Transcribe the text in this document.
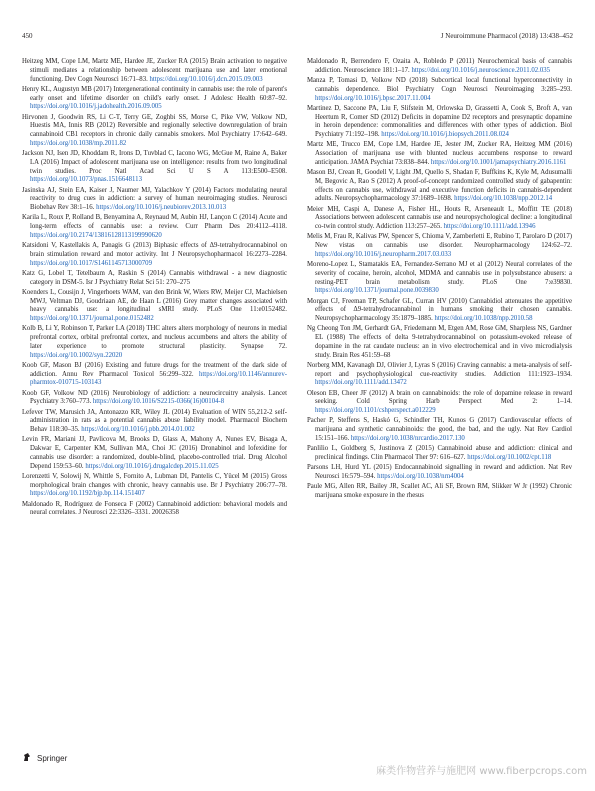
450	J Neuroimmune Pharmacol (2018) 13:438–452

Heitzeg MM, Cope LM, Martz ME, Hardee JE, Zucker RA (2015) Brain activation to negative stimuli mediates a relationship between adolescent marijuana use and later emotional functioning. Dev Cogn Neurosci 16:71–83. https://doi.org/10.1016/j.dcn.2015.09.003

Henry KL, Augustyn MB (2017) Intergenerational continuity in cannabis use: the role of parent's early onset and lifetime disorder on child's early onset. J Adolesc Health 60:87–92. https://doi.org/10.1016/j.jadohealth.2016.09.005

Hirvonen J, Goodwin RS, Li C-T, Terry GE, Zoghbi SS, Morse C, Pike VW, Volkow ND, Huestis MA, Innis RB (2012) Reversible and regionally selective downregulation of brain cannabinoid CB1 receptors in chronic daily cannabis smokers. Mol Psychiatry 17:642–649. https://doi.org/10.1038/mp.2011.82

Jackson NJ, Isen JD, Khoddam R, Irons D, Tuvblad C, Iacono WG, McGue M, Raine A, Baker LA (2016) Impact of adolescent marijuana use on intelligence: results from two longitudinal twin studies. Proc Natl Acad Sci U S A 113:E500–E508. https://doi.org/10.1073/pnas.1516648113

Jasinska AJ, Stein EA, Kaiser J, Naumer MJ, Yalachkov Y (2014) Factors modulating neural reactivity to drug cues in addiction: a survey of human neuroimaging studies. Neurosci Biobehav Rev 38:1–16. https://doi.org/10.1016/j.neubiorev.2013.10.013

Karila L, Roux P, Rolland B, Benyamina A, Reynaud M, Aubin HJ, Lançon C (2014) Acute and long-term effects of cannabis use: a review. Curr Pharm Des 20:4112–4118. https://doi.org/10.2174/13816128113199990620

Katsidoni V, Kastellakis A, Panagis G (2013) Biphasic effects of Δ9-tetrahydrocannabinol on brain stimulation reward and motor activity. Int J Neuropsychopharmacol 16:2273–2284. https://doi.org/10.1017/S1461145713000709

Katz G, Lobel T, Tetelbaum A, Raskin S (2014) Cannabis withdrawal - a new diagnostic category in DSM-5. Isr J Psychiatry Relat Sci 51: 270–275

Koenders L, Cousijn J, Vingerhoets WAM, van den Brink W, Wiers RW, Meijer CJ, Machielsen MWJ, Veltman DJ, Goudriaan AE, de Haan L (2016) Grey matter changes associated with heavy cannabis use: a longitudinal sMRI study. PLoS One 11:e0152482. https://doi.org/10.1371/journal.pone.0152482

Kolb B, Li Y, Robinson T, Parker LA (2018) THC alters alters morphology of neurons in medial prefrontal cortex, orbital prefrontal cortex, and nucleus accumbens and alters the ability of later experience to promote structural plasticity. Synapse 72. https://doi.org/10.1002/syn.22020

Koob GF, Mason BJ (2016) Existing and future drugs for the treatment of the dark side of addiction. Annu Rev Pharmacol Toxicol 56:299–322. https://doi.org/10.1146/annurev-pharmtox-010715-103143

Koob GF, Volkow ND (2016) Neurobiology of addiction: a neurocircuitry analysis. Lancet Psychiatry 3:760–773. https://doi.org/10.1016/S2215-0366(16)00104-8

Lefever TW, Marusich JA, Antonazzo KR, Wiley JL (2014) Evaluation of WIN 55,212-2 self-administration in rats as a potential cannabis abuse liability model. Pharmacol Biochem Behav 118:30–35. https://doi.org/10.1016/j.pbb.2014.01.002

Levin FR, Mariani JJ, Pavlicova M, Brooks D, Glass A, Mahony A, Nunes EV, Bisaga A, Dakwar E, Carpenter KM, Sullivan MA, Choi JC (2016) Dronabinol and lofexidine for cannabis use disorder: a randomized, double-blind, placebo-controlled trial. Drug Alcohol Depend 159:53–60. https://doi.org/10.1016/j.drugalcdep.2015.11.025

Lorenzetti V, Solowij N, Whittle S, Fornito A, Lubman DI, Pantelis C, Yücel M (2015) Gross morphological brain changes with chronic, heavy cannabis use. Br J Psychiatry 206:77–78. https://doi.org/10.1192/bjp.bp.114.151407

Maldonado R, Rodríguez de Fonseca F (2002) Cannabinoid addiction: behavioral models and neural correlates. J Neurosci 22:3326–3331. 20026358

Maldonado R, Berrendero F, Ozaita A, Robledo P (2011) Neurochemical basis of cannabis addiction. Neuroscience 181:1–17. https://doi.org/10.1016/j.neuroscience.2011.02.035

Manza P, Tomasi D, Volkow ND (2018) Subcortical local functional hyperconnectivity in cannabis dependence. Biol Psychiatry Cogn Neurosci Neuroimaging 3:285–293. https://doi.org/10.1016/j.bpsc.2017.11.004

Martinez D, Saccone PA, Liu F, Slifstein M, Orlowska D, Grassetti A, Cook S, Broft A, van Heertum R, Comer SD (2012) Deficits in dopamine D2 receptors and presynaptic dopamine in heroin dependence: commonalities and differences with other types of addiction. Biol Psychiatry 71:192–198. https://doi.org/10.1016/j.biopsych.2011.08.024

Martz ME, Trucco EM, Cope LM, Hardee JE, Jester JM, Zucker RA, Heitzeg MM (2016) Association of marijuana use with blunted nucleus accumbens response to reward anticipation. JAMA Psychiat 73:838–844. https://doi.org/10.1001/jamapsychiatry.2016.1161

Mason BJ, Crean R, Goodell V, Light JM, Quello S, Shadan F, Buffkins K, Kyle M, Adusumalli M, Begovic A, Rao S (2012) A proof-of-concept randomized controlled study of gabapentin: effects on cannabis use, withdrawal and executive function deficits in cannabis-dependent adults. Neuropsychopharmacology 37:1689–1698. https://doi.org/10.1038/npp.2012.14

Meier MH, Caspi A, Danese A, Fisher HL, Houts R, Arseneault L, Moffitt TE (2018) Associations between adolescent cannabis use and neuropsychological decline: a longitudinal co-twin control study. Addiction 113:257–265. https://doi.org/10.1111/add.13946

Melis M, Frau R, Kalivas PW, Spencer S, Chioma V, Zamberletti E, Rubino T, Parolaro D (2017) New vistas on cannabis use disorder. Neuropharmacology 124:62–72. https://doi.org/10.1016/j.neuropharm.2017.03.033

Moreno-Lopez L, Stamatakis EA, Fernandez-Serrano MJ et al (2012) Neural correlates of the severity of cocaine, heroin, alcohol, MDMA and cannabis use in polysubstance abusers: a resting-PET brain metabolism study. PLoS One 7:e39830. https://doi.org/10.1371/journal.pone.0039830

Morgan CJ, Freeman TP, Schafer GL, Curran HV (2010) Cannabidiol attenuates the appetitive effects of Δ9-tetrahydrocannabinol in humans smoking their chosen cannabis. Neuropsychopharmacology 35:1879–1885. https://doi.org/10.1038/npp.2010.58

Ng Cheong Ton JM, Gerhardt GA, Friedemann M, Etgen AM, Rose GM, Sharpless NS, Gardner EL (1988) The effects of delta 9-tetrahydrocannabinol on potassium-evoked release of dopamine in the rat caudate nucleus: an in vivo electrochemical and in vivo microdialysis study. Brain Res 451:59–68

Norberg MM, Kavanagh DJ, Olivier J, Lyras S (2016) Craving cannabis: a meta-analysis of self-report and psychophysiological cue-reactivity studies. Addiction 111:1923–1934. https://doi.org/10.1111/add.13472

Oleson EB, Cheer JF (2012) A brain on cannabinoids: the role of dopamine release in reward seeking. Cold Spring Harb Perspect Med 2: 1–14. https://doi.org/10.1101/cshperspect.a012229

Pacher P, Steffens S, Haskó G, Schindler TH, Kunos G (2017) Cardiovascular effects of marijuana and synthetic cannabinoids: the good, the bad, and the ugly. Nat Rev Cardiol 15:151–166. https://doi.org/10.1038/nrcardio.2017.130

Panlilio L, Goldberg S, Justinova Z (2015) Cannabinoid abuse and addiction: clinical and preclinical findings. Clin Pharmacol Ther 97: 616–627. https://doi.org/10.1002/cpt.118

Parsons LH, Hurd YL (2015) Endocannabinoid signalling in reward and addiction. Nat Rev Neurosci 16:579–594. https://doi.org/10.1038/nrn4004

Paule MG, Allen RR, Bailey JR, Scallet AC, Ali SF, Brown RM, Slikker W Jr (1992) Chronic marijuana smoke exposure in the rhesus

Springer
麻类作物营养与施肥网 www.fiberpcrops.com
